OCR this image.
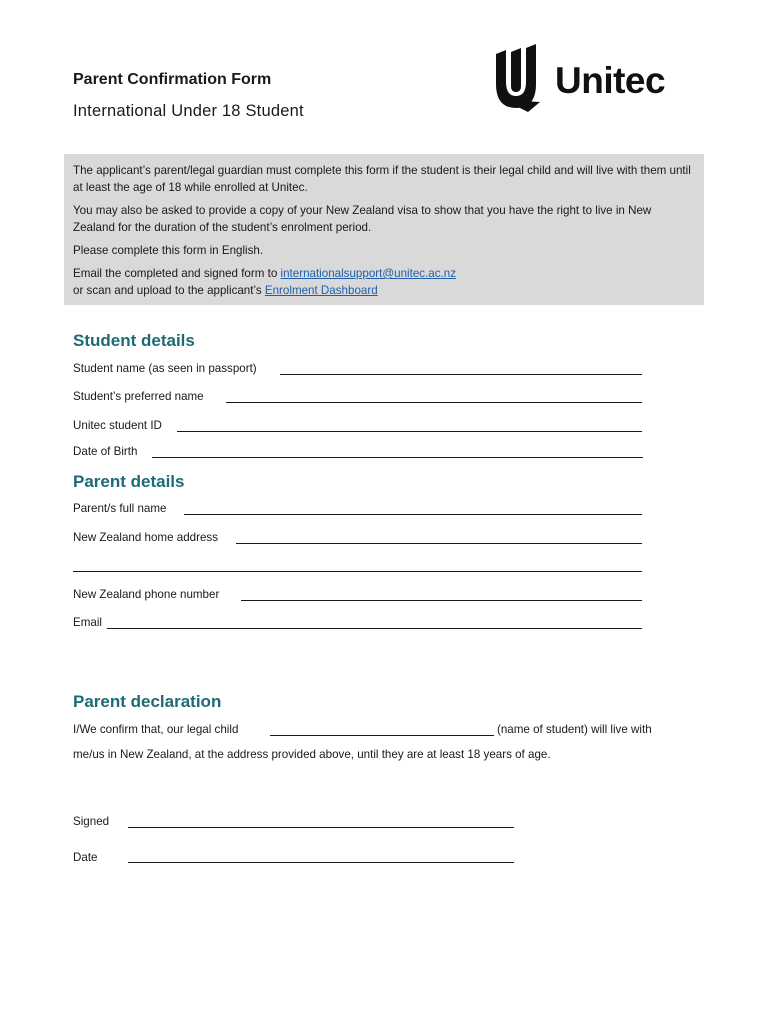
Parent Confirmation Form
International Under 18 Student
Unitec

The applicant’s parent/legal guardian must complete this form if the student is their legal child and will live with them until at least the age of 18 while enrolled at Unitec.

You may also be asked to provide a copy of your New Zealand visa to show that you have the right to live in New Zealand for the duration of the student’s enrolment period.

Please complete this form in English.

Email the completed and signed form to internationalsupport@unitec.ac.nz

or scan and upload to the applicant’s Enrolment Dashboard

Student details
Student name (as seen in passport)
Student’s preferred name
Unitec student ID
Date of Birth
Parent details
Parent/s full name
New Zealand home address
New Zealand phone number
Email
Parent declaration
I/We confirm that, our legal child	(name of student) will live with
me/us in New Zealand, at the address provided above, until they are at least 18 years of age.
Signed
Date
